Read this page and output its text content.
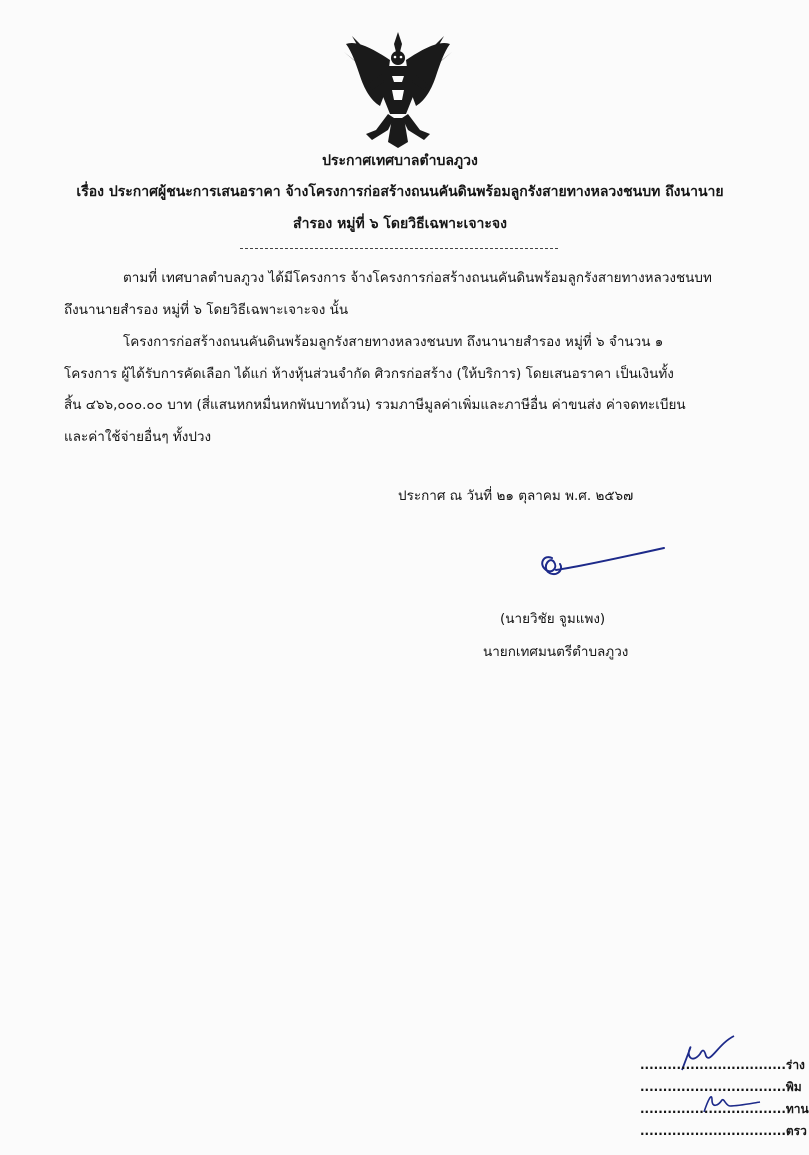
ประกาศเทศบาลตำบลภูวง
เรื่อง ประกาศผู้ชนะการเสนอราคา จ้างโครงการก่อสร้างถนนคันดินพร้อมลูกรังสายทางหลวงชนบท ถึงนานาย
สำรอง หมู่ที่ ๖ โดยวิธีเฉพาะเจาะจง
ตามที่ เทศบาลตำบลภูวง ได้มีโครงการ จ้างโครงการก่อสร้างถนนคันดินพร้อมลูกรังสายทางหลวงชนบท
ถึงนานายสำรอง หมู่ที่ ๖ โดยวิธีเฉพาะเจาะจง นั้น
โครงการก่อสร้างถนนคันดินพร้อมลูกรังสายทางหลวงชนบท ถึงนานายสำรอง หมู่ที่ ๖ จำนวน ๑
โครงการ ผู้ได้รับการคัดเลือก ได้แก่ ห้างหุ้นส่วนจำกัด ศิวกรก่อสร้าง (ให้บริการ) โดยเสนอราคา เป็นเงินทั้ง
สิ้น ๔๖๖,๐๐๐.๐๐ บาท (สี่แสนหกหมื่นหกพันบาทถ้วน) รวมภาษีมูลค่าเพิ่มและภาษีอื่น ค่าขนส่ง ค่าจดทะเบียน
และค่าใช้จ่ายอื่นๆ ทั้งปวง
ประกาศ ณ วันที่ ๒๑ ตุลาคม พ.ศ. ๒๕๖๗
(นายวิชัย จูมแพง)
นายกเทศมนตรีตำบลภูวง
................................ร่าง
................................พิม
................................ทาน
................................ตรว
